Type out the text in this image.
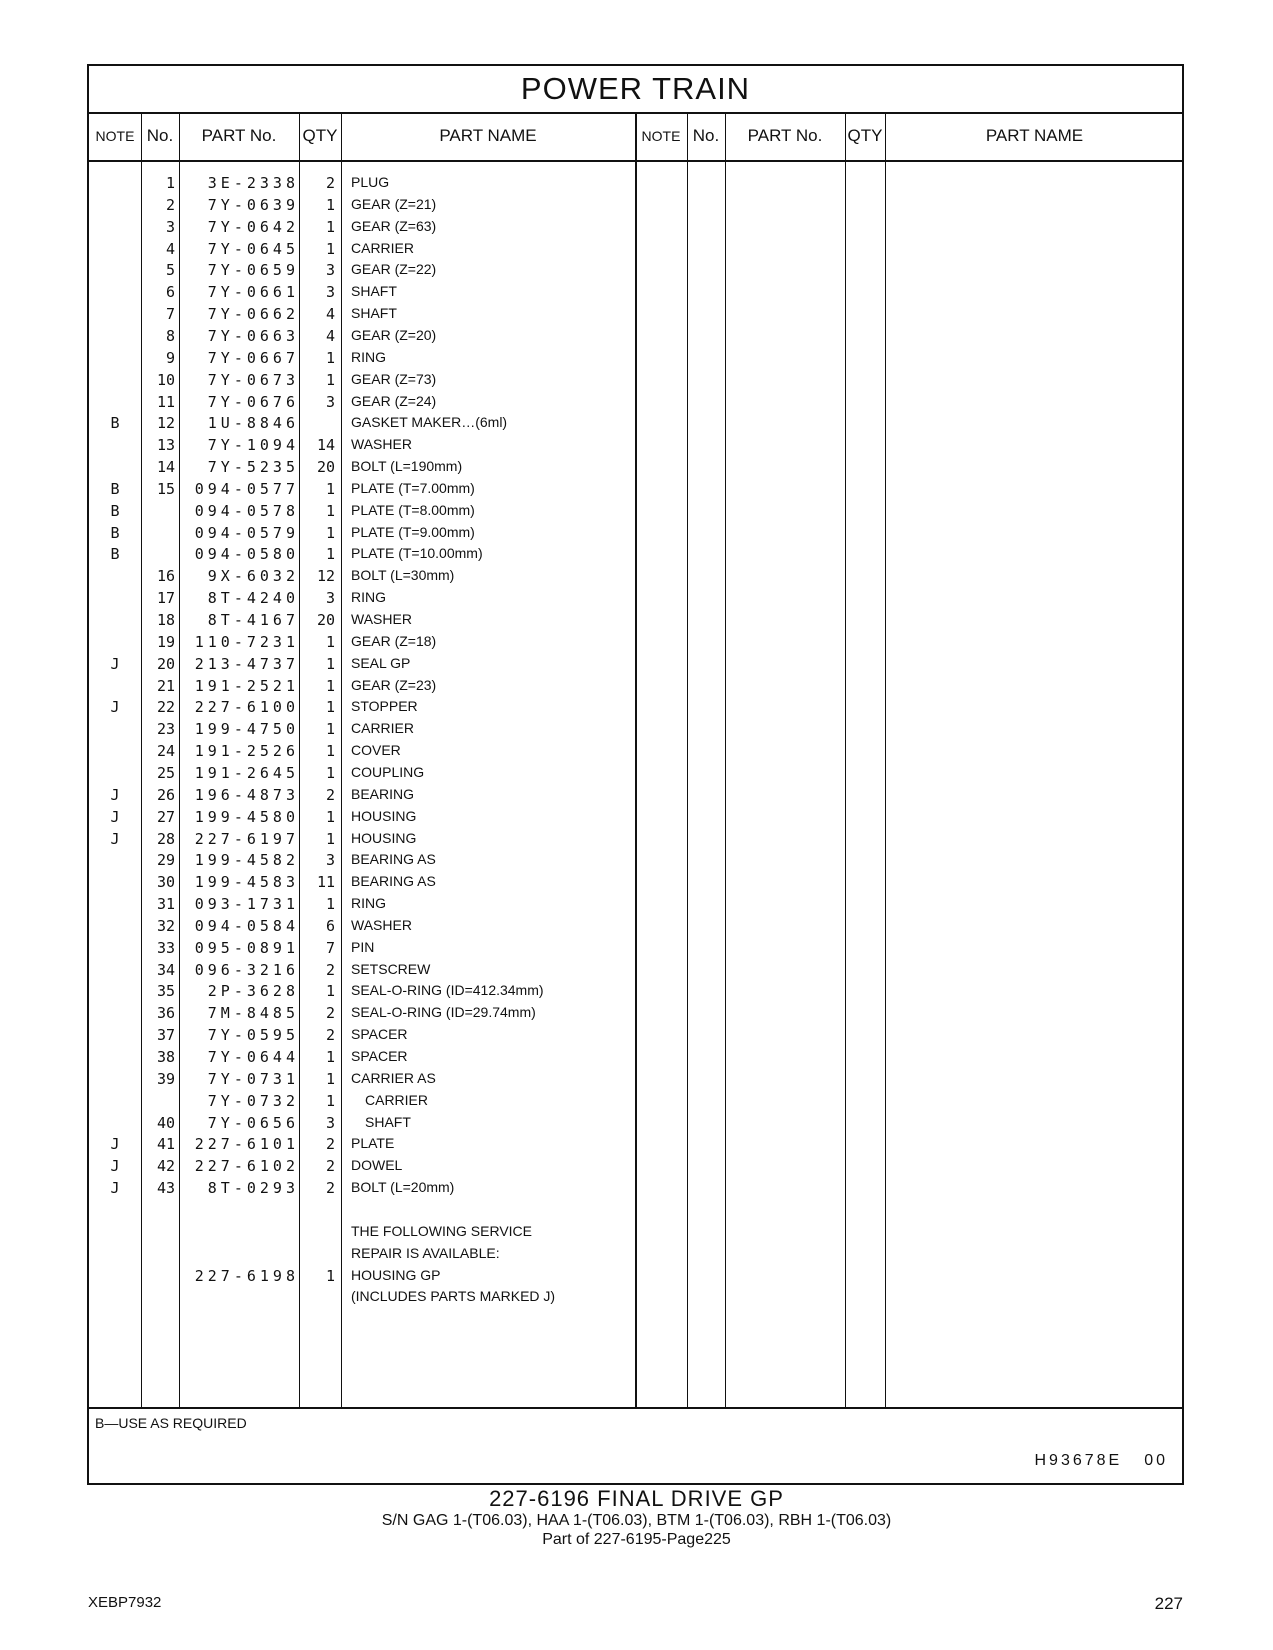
POWER TRAIN
NOTE No.	PART No.	QTY	PART NAME	NOTE No.	PART No.	QTY	PART NAME
1	3E-2338	2 PLUG
2	7Y-0639	1 GEAR (Z=21)
3	7Y-0642	1 GEAR (Z=63)
4	7Y-0645	1 CARRIER
5	7Y-0659	3 GEAR (Z=22)
6	7Y-0661	3 SHAFT
7	7Y-0662	4 SHAFT
8	7Y-0663	4 GEAR (Z=20)
9	7Y-0667	1 RING
10	7Y-0673	1 GEAR (Z=73)
11	7Y-0676	3 GEAR (Z=24)
B	12	1U-8846	GASKET MAKER…(6ml)
13	7Y-1094	14 WASHER
14	7Y-5235	20 BOLT (L=190mm)
B	15	094-0577	1 PLATE (T=7.00mm)
B	094-0578	1 PLATE (T=8.00mm)
B	094-0579	1 PLATE (T=9.00mm)
B	094-0580	1 PLATE (T=10.00mm)
16	9X-6032	12 BOLT (L=30mm)
17	8T-4240	3 RING
18	8T-4167	20 WASHER
19	110-7231	1 GEAR (Z=18)
J	20	213-4737	1 SEAL GP
21	191-2521	1 GEAR (Z=23)
J	22	227-6100	1 STOPPER
23	199-4750	1 CARRIER
24	191-2526	1 COVER
25	191-2645	1 COUPLING
J	26	196-4873	2 BEARING
J	27	199-4580	1 HOUSING
J	28	227-6197	1 HOUSING
29	199-4582	3 BEARING AS
30	199-4583	11 BEARING AS
31	093-1731	1 RING
32	094-0584	6 WASHER
33	095-0891	7 PIN
34	096-3216	2 SETSCREW
35	2P-3628	1 SEAL-O-RING (ID=412.34mm)
36	7M-8485	2 SEAL-O-RING (ID=29.74mm)
37	7Y-0595	2 SPACER
38	7Y-0644	1 SPACER
39	7Y-0731	1 CARRIER AS
7Y-0732	1	CARRIER
40	7Y-0656	3	SHAFT
J	41	227-6101	2 PLATE
J	42	227-6102	2 DOWEL
J	43	8T-0293	2 BOLT (L=20mm)
THE FOLLOWING SERVICE
REPAIR IS AVAILABLE:
227-6198	1 HOUSING GP
(INCLUDES PARTS MARKED J)
B—USE AS REQUIRED
H93678E 00
227-6196 FINAL DRIVE GP
S/N GAG 1-(T06.03), HAA 1-(T06.03), BTM 1-(T06.03), RBH 1-(T06.03)
Part of 227-6195-Page225
XEBP7932	227
